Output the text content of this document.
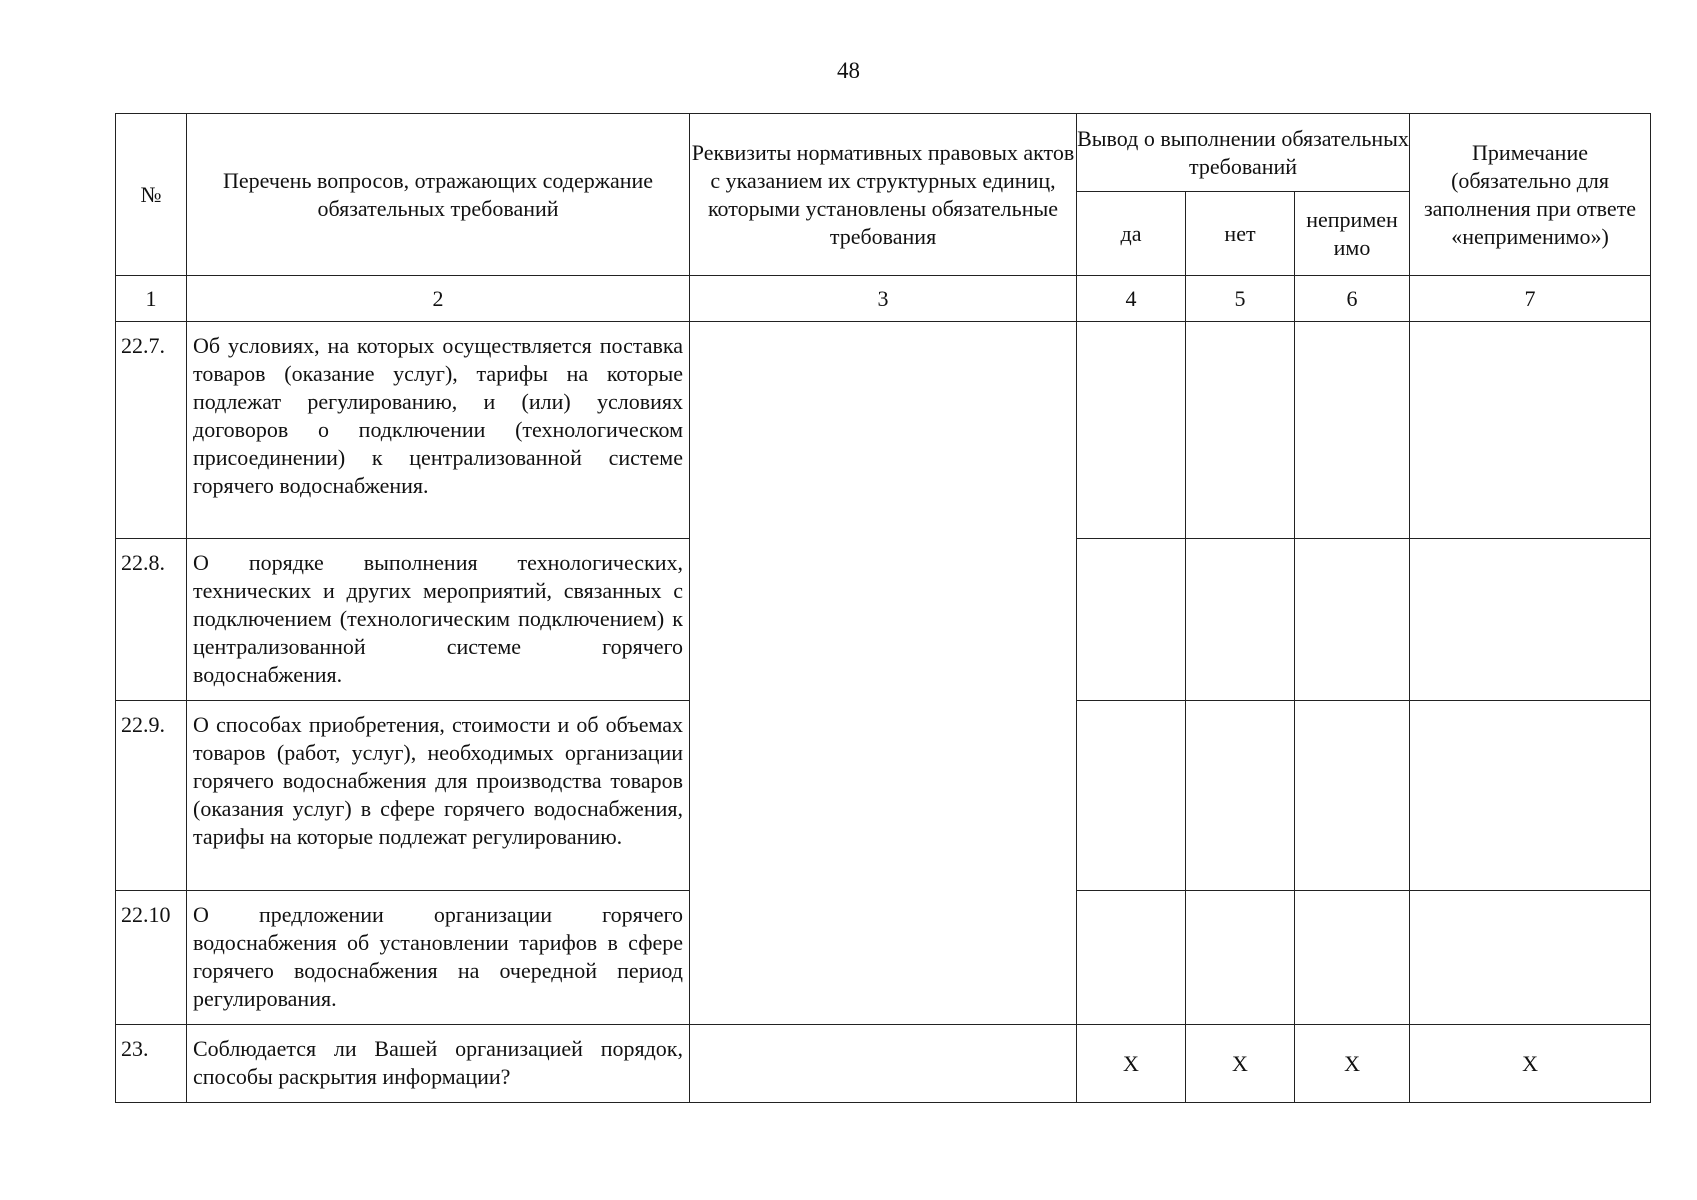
48
№	Перечень вопросов, отражающих содержание обязательных требований	Реквизиты нормативных правовых актов с указанием их структурных единиц, которыми установлены обязательные требования	Вывод о выполнении обязательных требований			Примечание (обязательно для заполнения при ответе «неприменимо»)
			да	нет	непримен имо	
1	2	3	4	5	6	7
22.7.	Об условиях, на которых осуществляется поставка товаров (оказание услуг), тарифы на которые подлежат регулированию, и (или) условиях договоров о подключении (технологическом присоединении) к централизованной системе горячего водоснабжения.					
22.8.	О порядке выполнения технологических, технических и других мероприятий, связанных с подключением (технологическим подключением) к централизованной системе горячего водоснабжения.					
22.9.	О способах приобретения, стоимости и об объемах товаров (работ, услуг), необходимых организации горячего водоснабжения для производства товаров (оказания услуг) в сфере горячего водоснабжения, тарифы на которые подлежат регулированию.					
22.10	О предложении организации горячего водоснабжения об установлении тарифов в сфере горячего водоснабжения на очередной период регулирования.					
23.	Соблюдается ли Вашей организацией порядок, способы раскрытия информации?		X	X	X	X
